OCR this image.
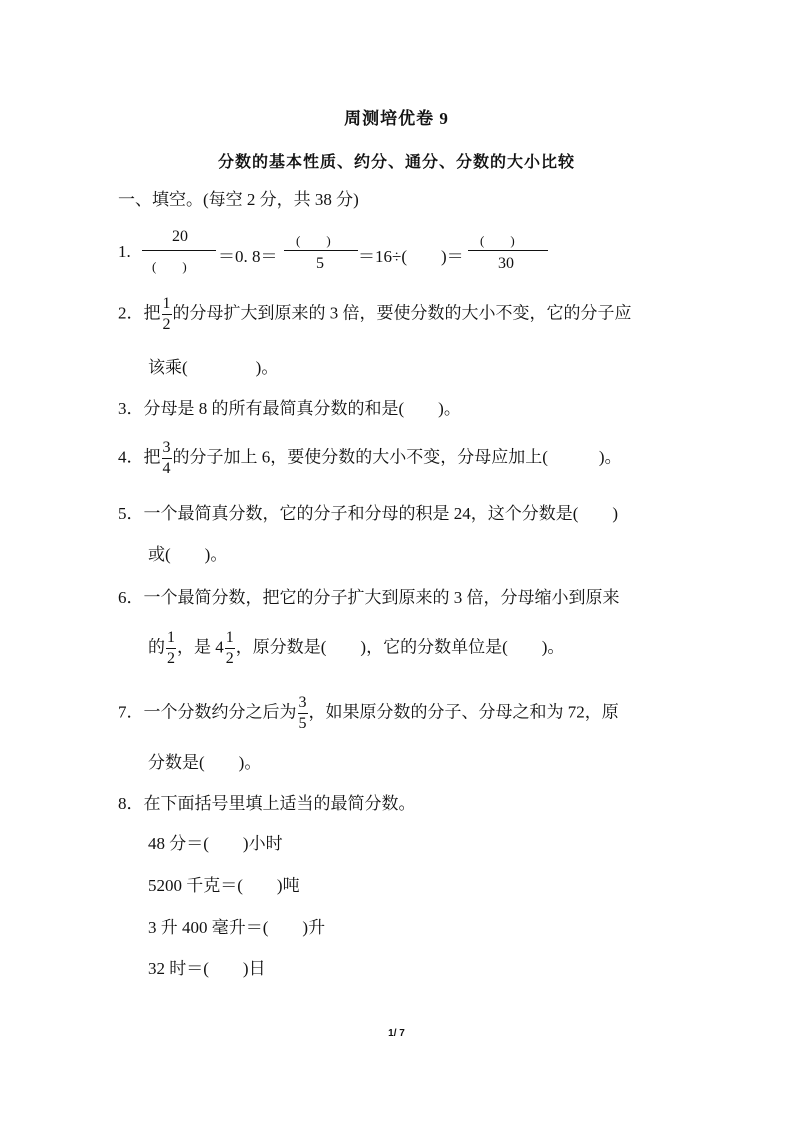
周测培优卷 9
分数的基本性质、约分、通分、分数的大小比较
一、填空。(每空 2 分，共 38 分)
1.
20
(　　)
＝0. 8＝
(　　)
5 ＝16÷(　　)＝
(　　)
30
2．把 $\frac{1}{2}$ 的分母扩大到原来的 3 倍，要使分数的大小不变，它的分子应
该乘(　　　　)。
3．分母是 8 的所有最简真分数的和是(　　)。
4．把 $\frac{3}{4}$ 的分子加上 6，要使分数的大小不变，分母应加上(　　　)。
5．一个最简真分数，它的分子和分母的积是 24，这个分数是(　　)
或(　　)。
6．一个最简分数，把它的分子扩大到原来的 3 倍，分母缩小到原来
的 $\frac{1}{2}$ ，是 $4 \frac{1}{2}$ ，原分数是(　　)，它的分数单位是(　　)。
7．一个分数约分之后为 $\frac{3}{5}$ ，如果原分数的分子、分母之和为 72，原
分数是(　　)。
8．在下面括号里填上适当的最简分数。
48 分＝(　　)小时
5200 千克＝(　　)吨
3 升 400 毫升＝(　　)升
32 时＝(　　)日
1/ 7
